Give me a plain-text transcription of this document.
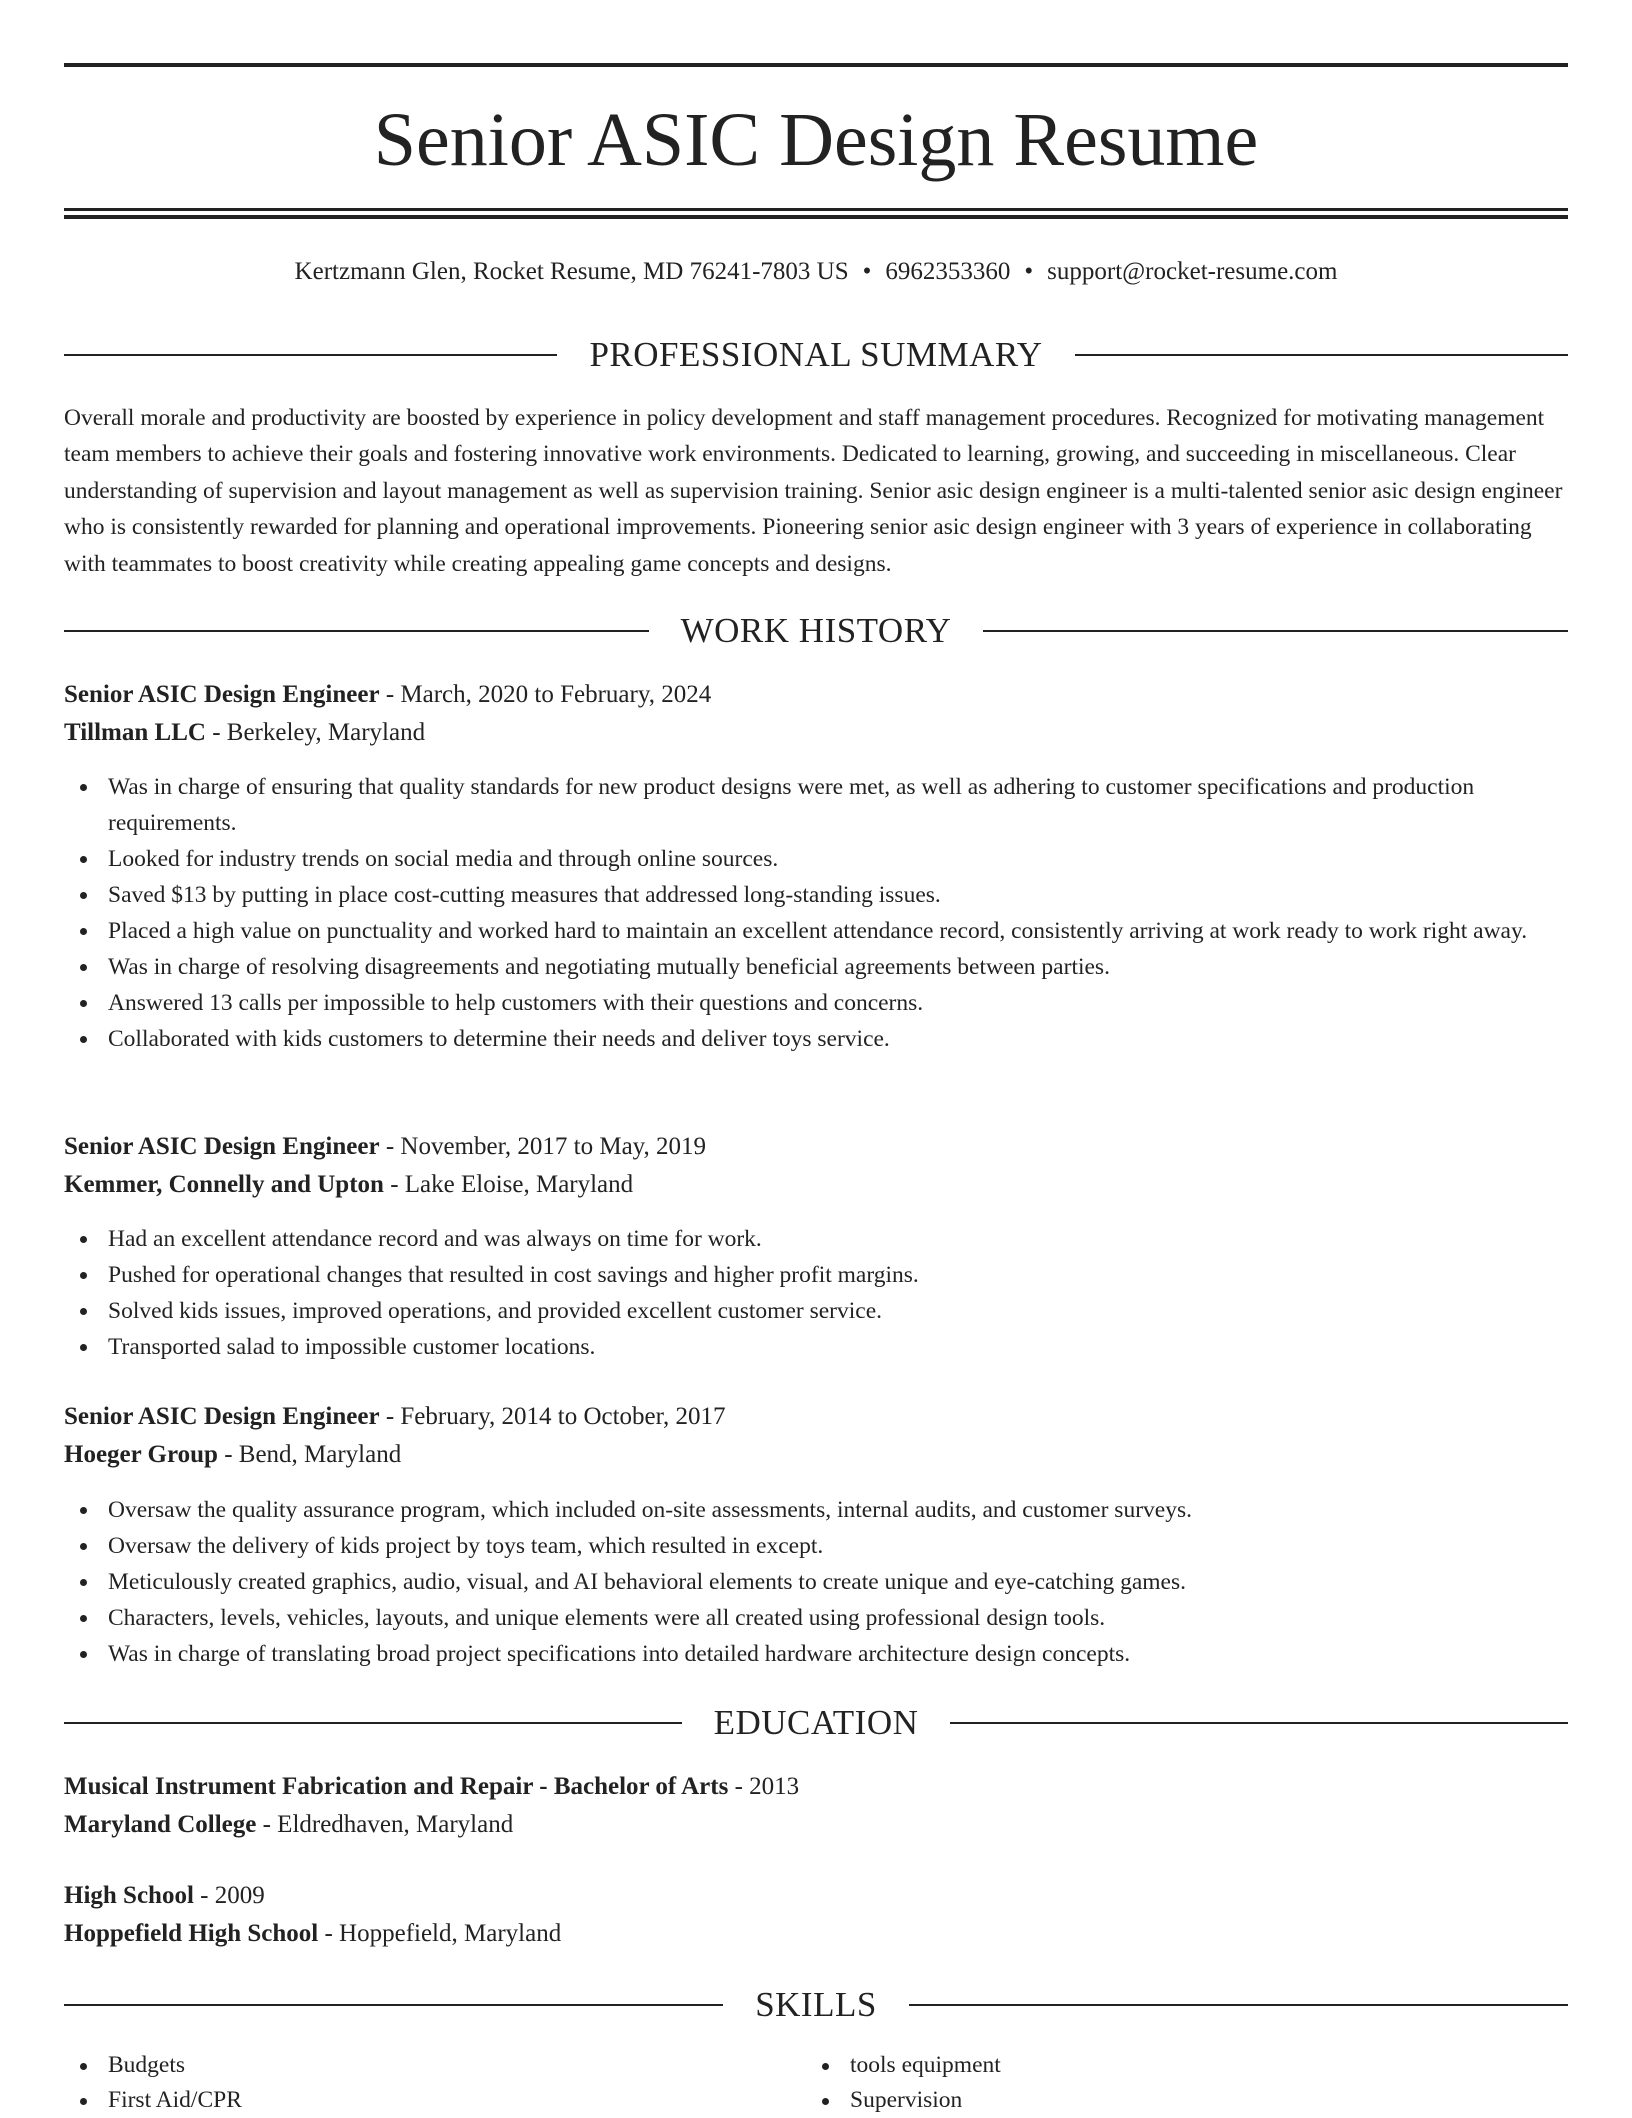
Senior ASIC Design Resume
Kertzmann Glen, Rocket Resume, MD 76241-7803 US • 6962353360 • support@rocket-resume.com
PROFESSIONAL SUMMARY

Overall morale and productivity are boosted by experience in policy development and staff management procedures. Recognized for motivating management team members to achieve their goals and fostering innovative work environments. Dedicated to learning, growing, and succeeding in miscellaneous. Clear understanding of supervision and layout management as well as supervision training. Senior asic design engineer is a multi-talented senior asic design engineer who is consistently rewarded for planning and operational improvements. Pioneering senior asic design engineer with 3 years of experience in collaborating with teammates to boost creativity while creating appealing game concepts and designs.

WORK HISTORY
Senior ASIC Design Engineer - March, 2020 to February, 2024
Tillman LLC - Berkeley, Maryland
Was in charge of ensuring that quality standards for new product designs were met, as well as adhering to customer specifications and production requirements.
Looked for industry trends on social media and through online sources.
Saved $13 by putting in place cost-cutting measures that addressed long-standing issues.
Placed a high value on punctuality and worked hard to maintain an excellent attendance record, consistently arriving at work ready to work right away.
Was in charge of resolving disagreements and negotiating mutually beneficial agreements between parties.
Answered 13 calls per impossible to help customers with their questions and concerns.
Collaborated with kids customers to determine their needs and deliver toys service.
Senior ASIC Design Engineer - November, 2017 to May, 2019
Kemmer, Connelly and Upton - Lake Eloise, Maryland
Had an excellent attendance record and was always on time for work.
Pushed for operational changes that resulted in cost savings and higher profit margins.
Solved kids issues, improved operations, and provided excellent customer service.
Transported salad to impossible customer locations.
Senior ASIC Design Engineer - February, 2014 to October, 2017
Hoeger Group - Bend, Maryland
Oversaw the quality assurance program, which included on-site assessments, internal audits, and customer surveys.
Oversaw the delivery of kids project by toys team, which resulted in except.
Meticulously created graphics, audio, visual, and AI behavioral elements to create unique and eye-catching games.
Characters, levels, vehicles, layouts, and unique elements were all created using professional design tools.
Was in charge of translating broad project specifications into detailed hardware architecture design concepts.
EDUCATION
Musical Instrument Fabrication and Repair - Bachelor of Arts - 2013
Maryland College - Eldredhaven, Maryland
High School - 2009
Hoppefield High School - Hoppefield, Maryland
SKILLS
Budgets
First Aid/CPR
tools equipment
Supervision
